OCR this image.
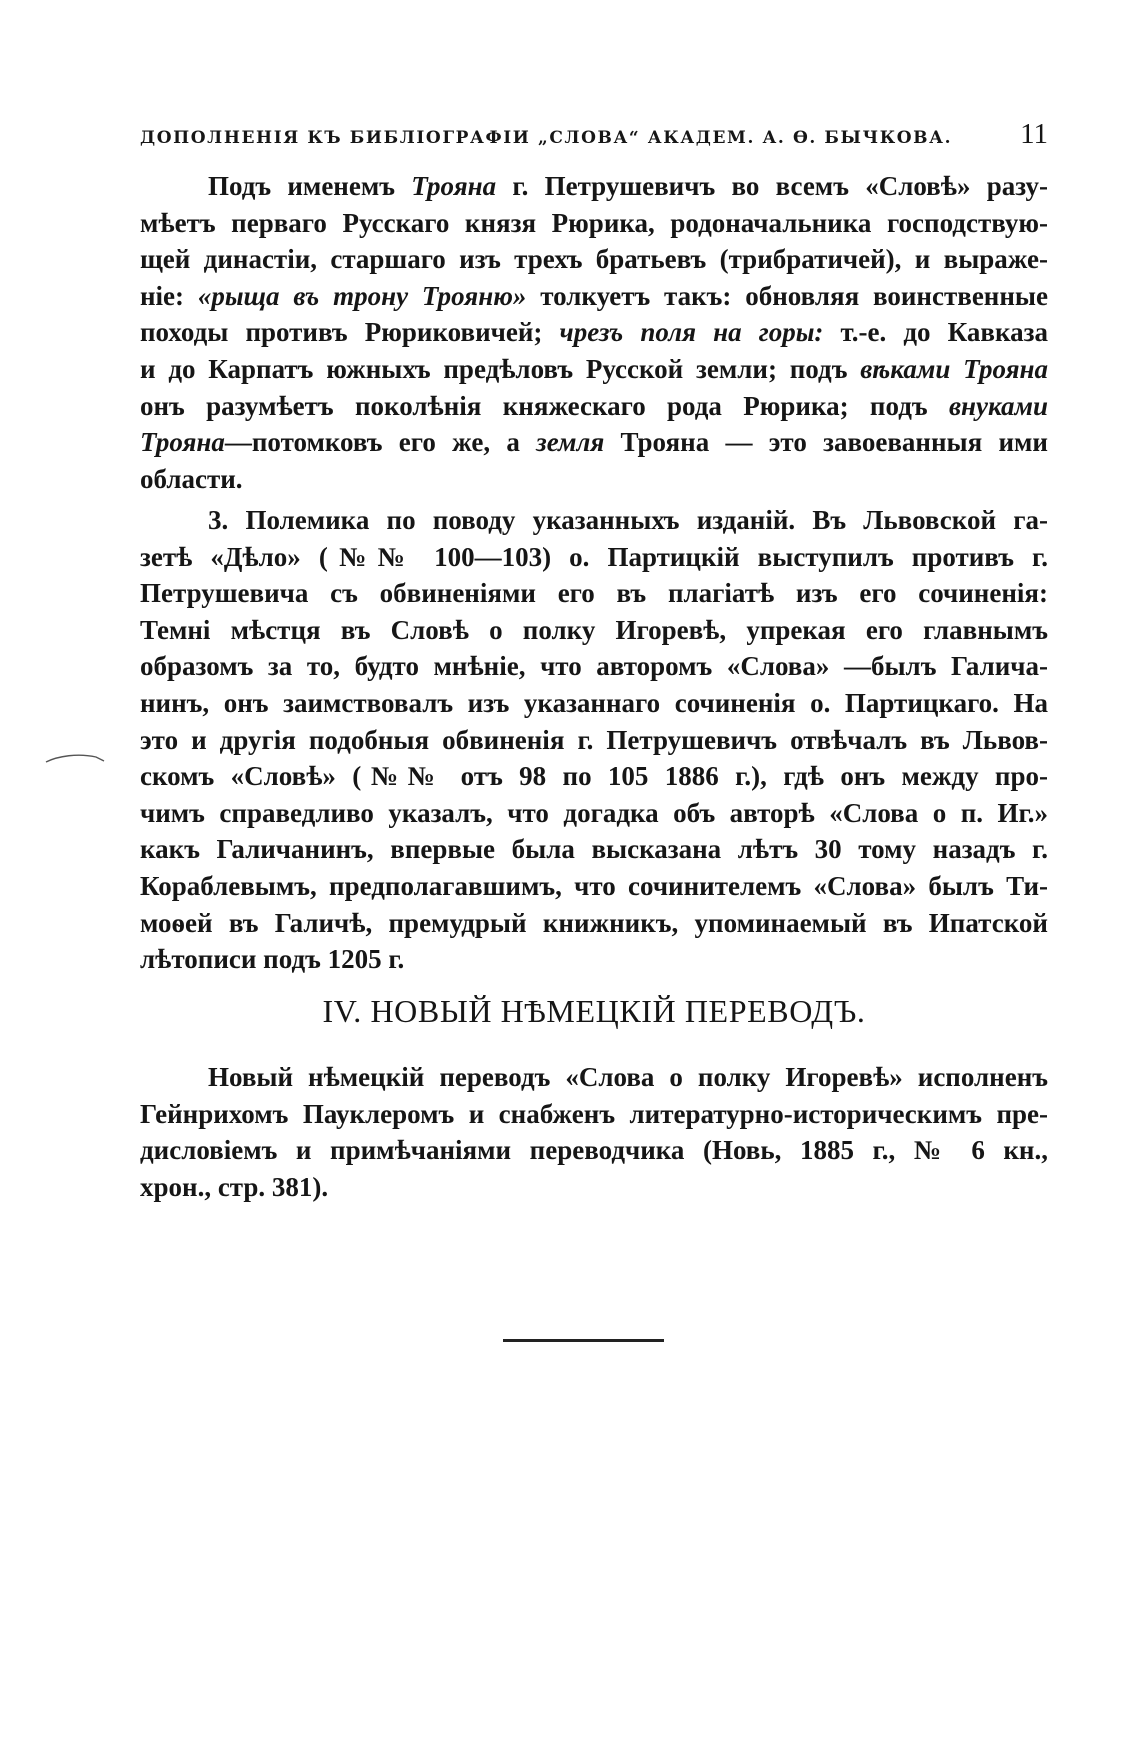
ДОПОЛНЕНІЯ КЪ БИБЛІОГРАФІИ „СЛОВА“ АКАДЕМ. А. Ѳ. БЫЧКОВА. 11
Подъ именемъ Трояна г. Петрушевичъ во всемъ «Словѣ» разу-
мѣетъ перваго Русскаго князя Рюрика, родоначальника господствую-
щей династіи, старшаго изъ трехъ братьевъ (трибратичей), и выраже-
ніе: «рыща въ трону Трояню» толкуетъ такъ: обновляя воинственные
походы противъ Рюриковичей; чрезъ поля на горы: т.-е. до Кавказа
и до Карпатъ южныхъ предѣловъ Русской земли; подъ вѣками Трояна
онъ разумѣетъ поколѣнія княжескаго рода Рюрика; подъ внуками
Трояна—потомковъ его же, а земля Трояна — это завоеванныя ими
области.
3. Полемика по поводу указанныхъ изданій. Въ Львовской га-
зетѣ «Дѣло» (№№ 100—103) о. Партицкій выступилъ противъ г.
Петрушевича съ обвиненіями его въ плагіатѣ изъ его сочиненія:
Темні мѣстця въ Словѣ о полку Игоревѣ, упрекая его главнымъ
образомъ за то, будто мнѣніе, что авторомъ «Слова» —былъ Галича-
нинъ, онъ заимствовалъ изъ указаннаго сочиненія о. Партицкаго. На
это и другія подобныя обвиненія г. Петрушевичъ отвѣчалъ въ Львов-
скомъ «Словѣ» (№№ отъ 98 по 105 1886 г.), гдѣ онъ между про-
чимъ справедливо указалъ, что догадка объ авторѣ «Слова о п. Иг.»
какъ Галичанинъ, впервые была высказана лѣтъ 30 тому назадъ г.
Кораблевымъ, предполагавшимъ, что сочинителемъ «Слова» былъ Ти-
моѳей въ Галичѣ, премудрый книжникъ, упоминаемый въ Ипатской
лѣтописи подъ 1205 г.
IV. НОВЫЙ НѢМЕЦКІЙ ПЕРЕВОДЪ.
Новый нѣмецкій переводъ «Слова о полку Игоревѣ» исполненъ
Гейнрихомъ Пауклеромъ и снабженъ литературно-историческимъ пре-
дисловіемъ и примѣчаніями переводчика (Новь, 1885 г., № 6 кн.,
хрон., стр. 381).
